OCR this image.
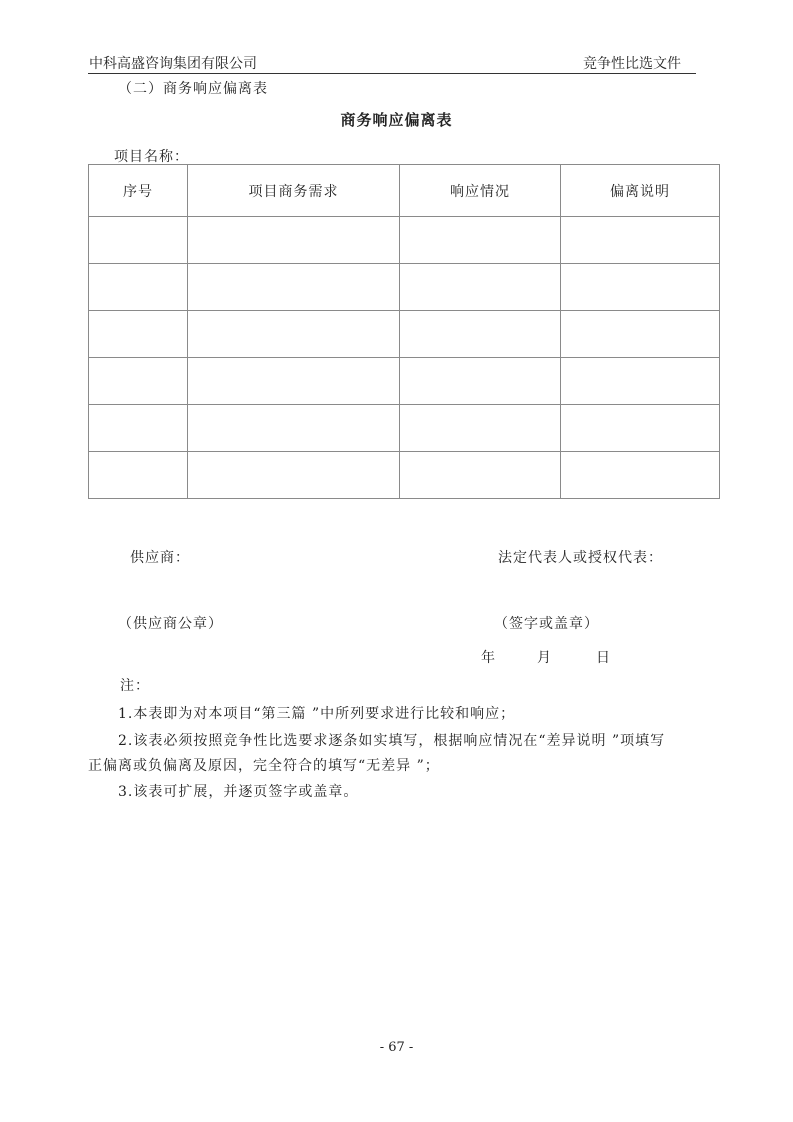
中科高盛咨询集团有限公司	竞争性比选文件
（二）商务响应偏离表
商务响应偏离表
项目名称：
序号	项目商务需求	响应情况	偏离说明

供应商：	法定代表人或授权代表：
（供应商公章）	（签字或盖章）
年	月	日
注：
1.本表即为对本项目“第三篇 ”中所列要求进行比较和响应；
2.该表必须按照竞争性比选要求逐条如实填写，根据响应情况在“差异说明 ”项填写
正偏离或负偏离及原因，完全符合的填写“无差异 ”；
3.该表可扩展，并逐页签字或盖章。
- 67 -
